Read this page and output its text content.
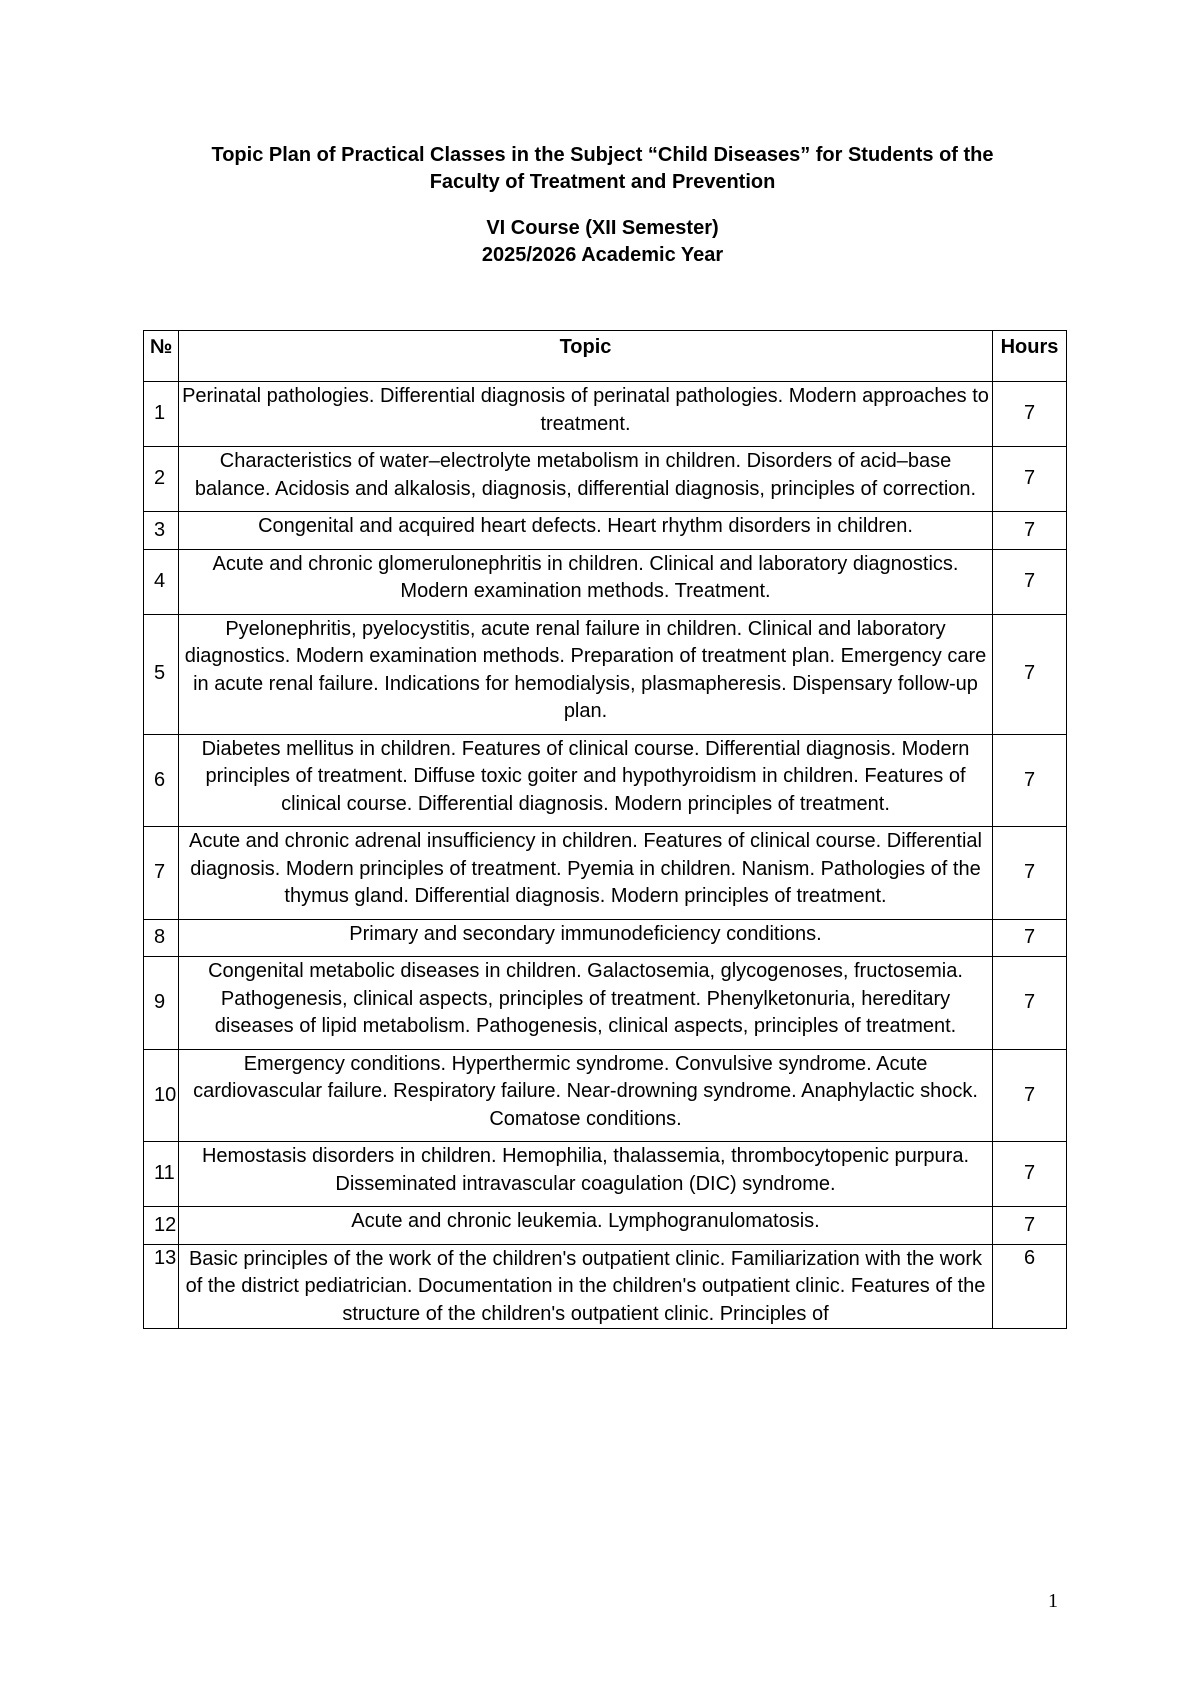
Topic Plan of Practical Classes in the Subject “Child Diseases” for Students of the
Faculty of Treatment and Prevention
VI Course (XII Semester)
2025/2026 Academic Year
№	Topic	Hours
1	Perinatal pathologies. Differential diagnosis of perinatal pathologies. Modern approaches to treatment.	7
2	Characteristics of water–electrolyte metabolism in children. Disorders of acid–base balance. Acidosis and alkalosis, diagnosis, differential diagnosis, principles of correction.	7
3	Congenital and acquired heart defects. Heart rhythm disorders in children.	7
4	Acute and chronic glomerulonephritis in children. Clinical and laboratory diagnostics. Modern examination methods. Treatment.	7
5	Pyelonephritis, pyelocystitis, acute renal failure in children. Clinical and laboratory diagnostics. Modern examination methods. Preparation of treatment plan. Emergency care in acute renal failure. Indications for hemodialysis, plasmapheresis. Dispensary follow-up plan.	7
6	Diabetes mellitus in children. Features of clinical course. Differential diagnosis. Modern principles of treatment. Diffuse toxic goiter and hypothyroidism in children. Features of clinical course. Differential diagnosis. Modern principles of treatment.	7
7	Acute and chronic adrenal insufficiency in children. Features of clinical course. Differential diagnosis. Modern principles of treatment. Pyemia in children. Nanism. Pathologies of the thymus gland. Differential diagnosis. Modern principles of treatment.	7
8	Primary and secondary immunodeficiency conditions.	7
9	Congenital metabolic diseases in children. Galactosemia, glycogenoses, fructosemia. Pathogenesis, clinical aspects, principles of treatment. Phenylketonuria, hereditary diseases of lipid metabolism. Pathogenesis, clinical aspects, principles of treatment.	7
10	Emergency conditions. Hyperthermic syndrome. Convulsive syndrome. Acute cardiovascular failure. Respiratory failure. Near-drowning syndrome. Anaphylactic shock. Comatose conditions.	7
11	Hemostasis disorders in children. Hemophilia, thalassemia, thrombocytopenic purpura. Disseminated intravascular coagulation (DIC) syndrome.	7
12	Acute and chronic leukemia. Lymphogranulomatosis.	7
13	Basic principles of the work of the children's outpatient clinic. Familiarization with the work of the district pediatrician. Documentation in the children's outpatient clinic. Features of the structure of the children's outpatient clinic. Principles of	6
1
